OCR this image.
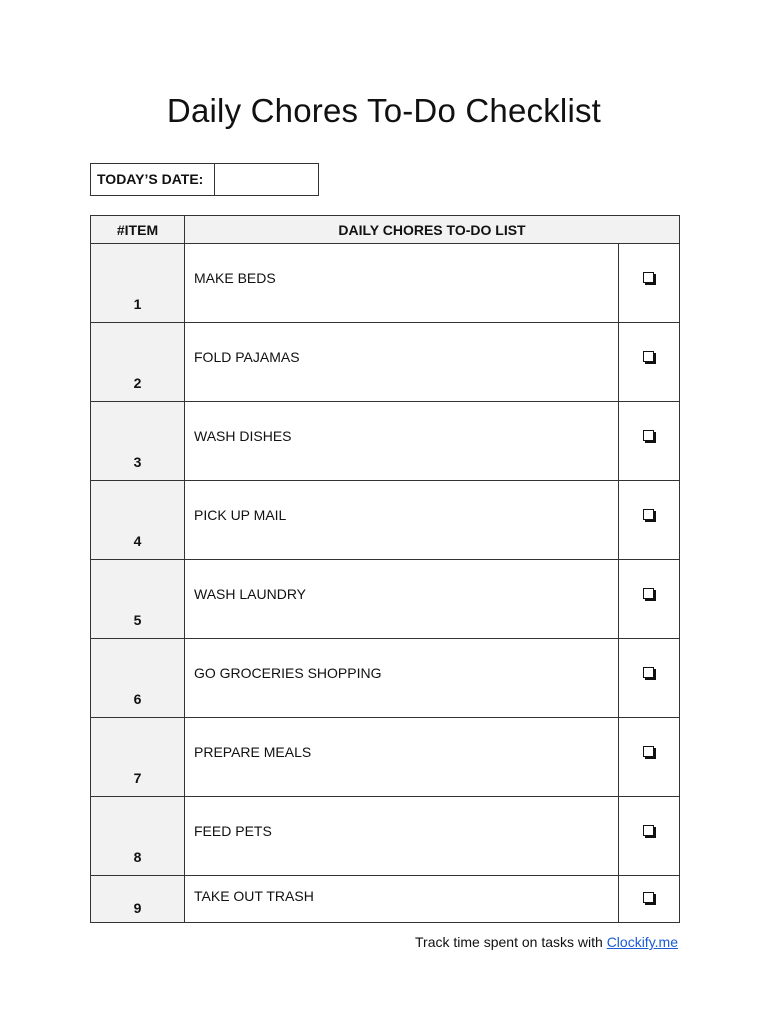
Daily Chores To-Do Checklist
TODAY’S DATE:
#ITEM	DAILY CHORES TO-DO LIST	
1	MAKE BEDS	
2	FOLD PAJAMAS	
3	WASH DISHES	
4	PICK UP MAIL	
5	WASH LAUNDRY	
6	GO GROCERIES SHOPPING	
7	PREPARE MEALS	
8	FEED PETS	
9	TAKE OUT TRASH	
Track time spent on tasks with Clockify.me
